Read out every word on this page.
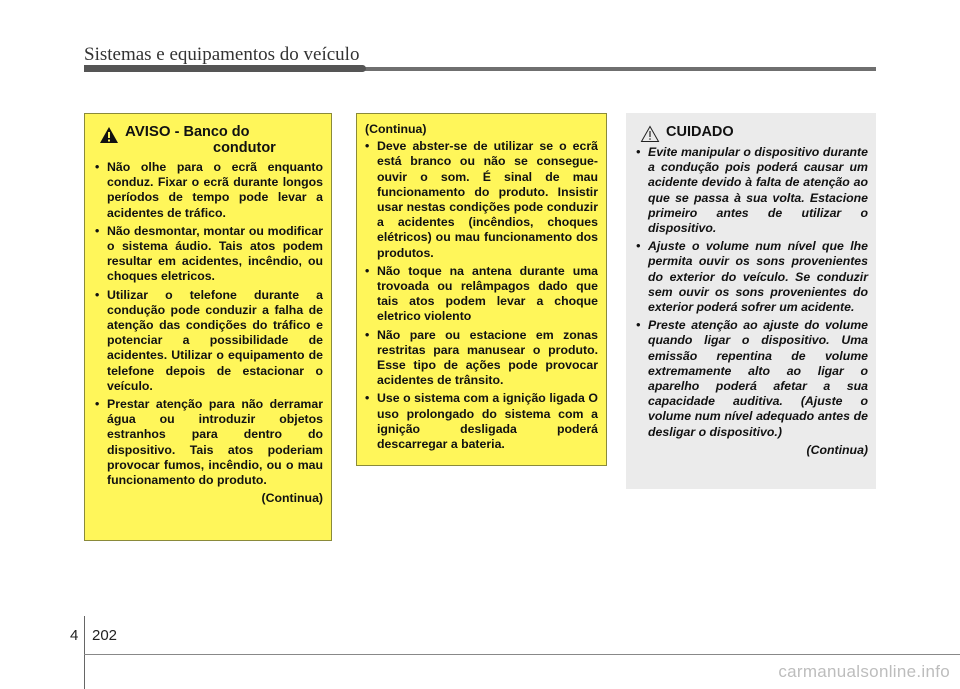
Sistemas e equipamentos do veículo
AVISO - Banco do
condutor
• Não olhe para o ecrã enquanto conduz. Fixar o ecrã durante longos períodos de tempo pode levar a acidentes de tráfico.
• Não desmontar, montar ou modificar o sistema áudio. Tais atos podem resultar em acidentes, incêndio, ou choques eletricos.
• Utilizar o telefone durante a condução pode conduzir a falha de atenção das condições do tráfico e potenciar a possibilidade de acidentes. Utilizar o equipamento de telefone depois de estacionar o veículo.
• Prestar atenção para não derramar água ou introduzir objetos estranhos para dentro do dispositivo. Tais atos poderiam provocar fumos, incêndio, ou o mau funcionamento do produto.
(Continua)
(Continua)
• Deve abster-se de utilizar se o ecrã está branco ou não se consegue- ouvir o som. É sinal de mau funcionamento do produto. Insistir usar nestas condições pode conduzir a acidentes (incêndios, choques elétricos) ou mau funcionamento dos produtos.
• Não toque na antena durante uma trovoada ou relâmpagos dado que tais atos podem levar a choque eletrico violento
• Não pare ou estacione em zonas restritas para manusear o produto. Esse tipo de ações pode provocar acidentes de trânsito.
• Use o sistema com a ignição ligada O uso prolongado do sistema com a ignição desligada poderá descarregar a bateria.
CUIDADO
• Evite manipular o dispositivo durante a condução pois poderá causar um acidente devido à falta de atenção ao que se passa à sua volta. Estacione primeiro antes de utilizar o dispositivo.
• Ajuste o volume num nível que lhe permita ouvir os sons provenientes do exterior do veículo. Se conduzir sem ouvir os sons provenientes do exterior poderá sofrer um acidente.
• Preste atenção ao ajuste do volume quando ligar o dispositivo. Uma emissão repentina de volume extremamente alto ao ligar o aparelho poderá afetar a sua capacidade auditiva. (Ajuste o volume num nível adequado antes de desligar o dispositivo.)
(Continua)
4 202
carmanualsonline.info
